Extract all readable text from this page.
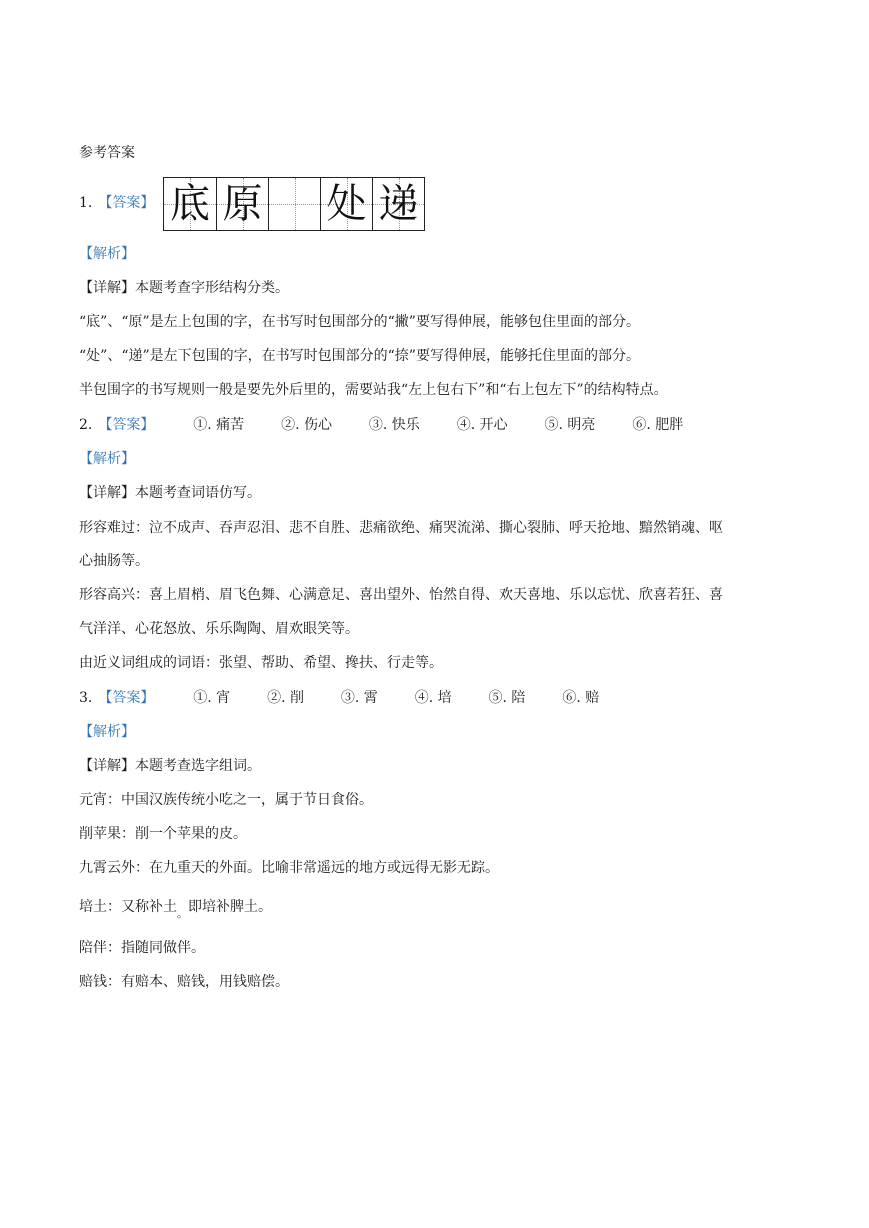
参考答案
1. 【答案】 底 原 处 递
【解析】
【详解】本题考查字形结构分类。
“底”、“原”是左上包围的字，在书写时包围部分的“撇”要写得伸展，能够包住里面的部分。
“处”、“递”是左下包围的字，在书写时包围部分的“捺”要写得伸展，能够托住里面的部分。
半包围字的书写规则一般是要先外后里的，需要站我“左上包右下”和“右上包左下”的结构特点。
2. 【答案】	①. 痛苦	②. 伤心	③. 快乐	④. 开心	⑤. 明亮	⑥. 肥胖
【解析】
【详解】本题考查词语仿写。
形容难过：泣不成声、吞声忍泪、悲不自胜、悲痛欲绝、痛哭流涕、撕心裂肺、呼天抢地、黯然销魂、呕
心抽肠等。
形容高兴：喜上眉梢、眉飞色舞、心满意足、喜出望外、怡然自得、欢天喜地、乐以忘忧、欣喜若狂、喜
气洋洋、心花怒放、乐乐陶陶、眉欢眼笑等。
由近义词组成的词语：张望、帮助、希望、搀扶、行走等。
3. 【答案】	①. 宵	②. 削	③. 霄	④. 培	⑤. 陪	⑥. 赔
【解析】
【详解】本题考查选字组词。
元宵：中国汉族传统小吃之一，属于节日食俗。
削苹果：削一个苹果的皮。
九霄云外：在九重天的外面。比喻非常遥远的地方或远得无影无踪。
培土：又称补土$_。$即培补脾土。
陪伴：指随同做伴。
赔钱：有赔本、赔钱，用钱赔偿。
